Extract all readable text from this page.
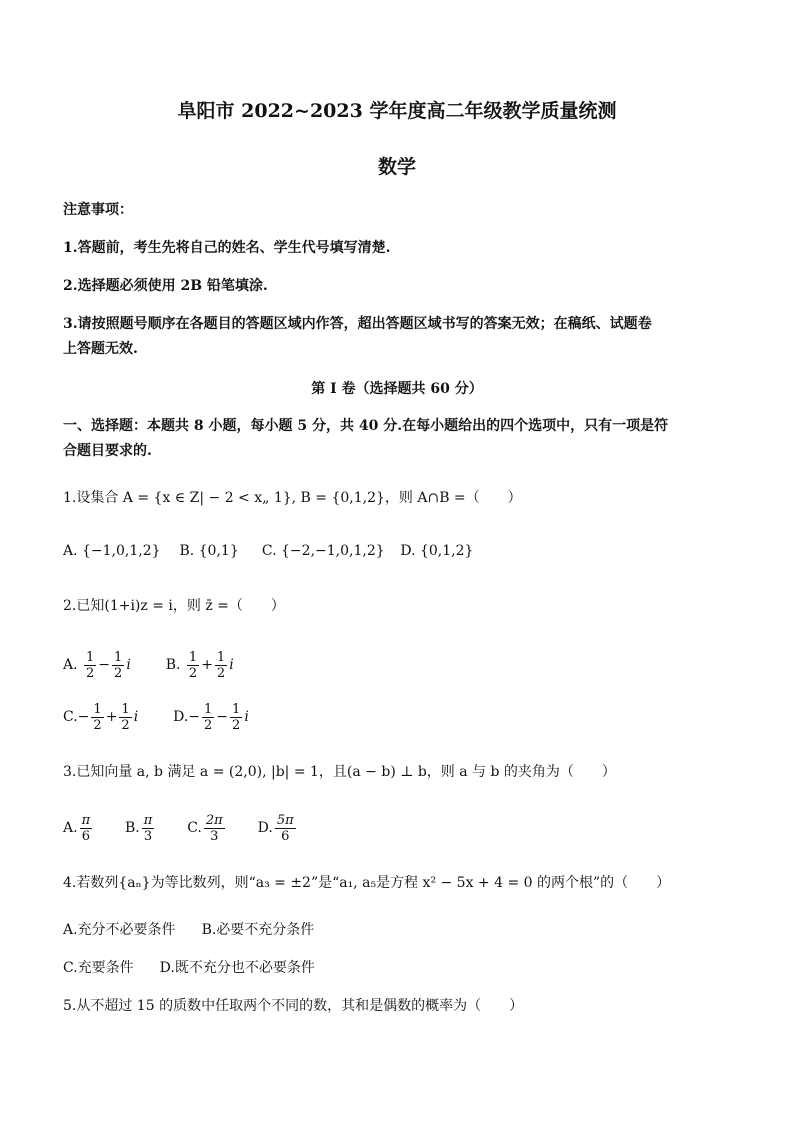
阜阳市 2022~2023 学年度高二年级教学质量统测
数学
注意事项：
1.答题前，考生先将自己的姓名、学生代号填写清楚.
2.选择题必须使用 2B 铅笔填涂.
3.请按照题号顺序在各题目的答题区域内作答，超出答题区域书写的答案无效；在稿纸、试题卷
上答题无效.
第 I 卷（选择题共 60 分）
一、选择题：本题共 8 小题，每小题 5 分，共 40 分.在每小题给出的四个选项中，只有一项是符
合题目要求的.
1.设集合 A = {x ∈ Z| − 2 < x„ 1}, B = {0,1,2}，则 A∩B =（　　）
A. {−1,0,1,2} B. {0,1} C. {−2,−1,0,1,2} D. {0,1,2}
2.已知(1+i)z = i，则 z̄ =（　　）
A. $\frac{1}{2} - \frac{1}{2}$ i B. $\frac{1}{2} + \frac{1}{2}$ i
$C.- \frac{1}{2} + \frac{1}{2}$ i $D.- \frac{1}{2} - \frac{1}{2}$ i
3.已知向量 a, b 满足 a = (2,0), |b| = 1，且(a − b) ⊥ b，则 a 与 b 的夹角为（　　）
A. $\frac{\pi}{6} B$. $\frac{\pi}{3} C$. $\frac{2\pi}{3} D$. $\frac{5\pi}{6}$
4.若数列{aₙ}为等比数列，则“a₃ = ±2”是“a₁, a₅是方程 x² − 5x + 4 = 0 的两个根”的（　　）
A.充分不必要条件 B.必要不充分条件
C.充要条件 D.既不充分也不必要条件
5.从不超过 15 的质数中任取两个不同的数，其和是偶数的概率为（　　）
